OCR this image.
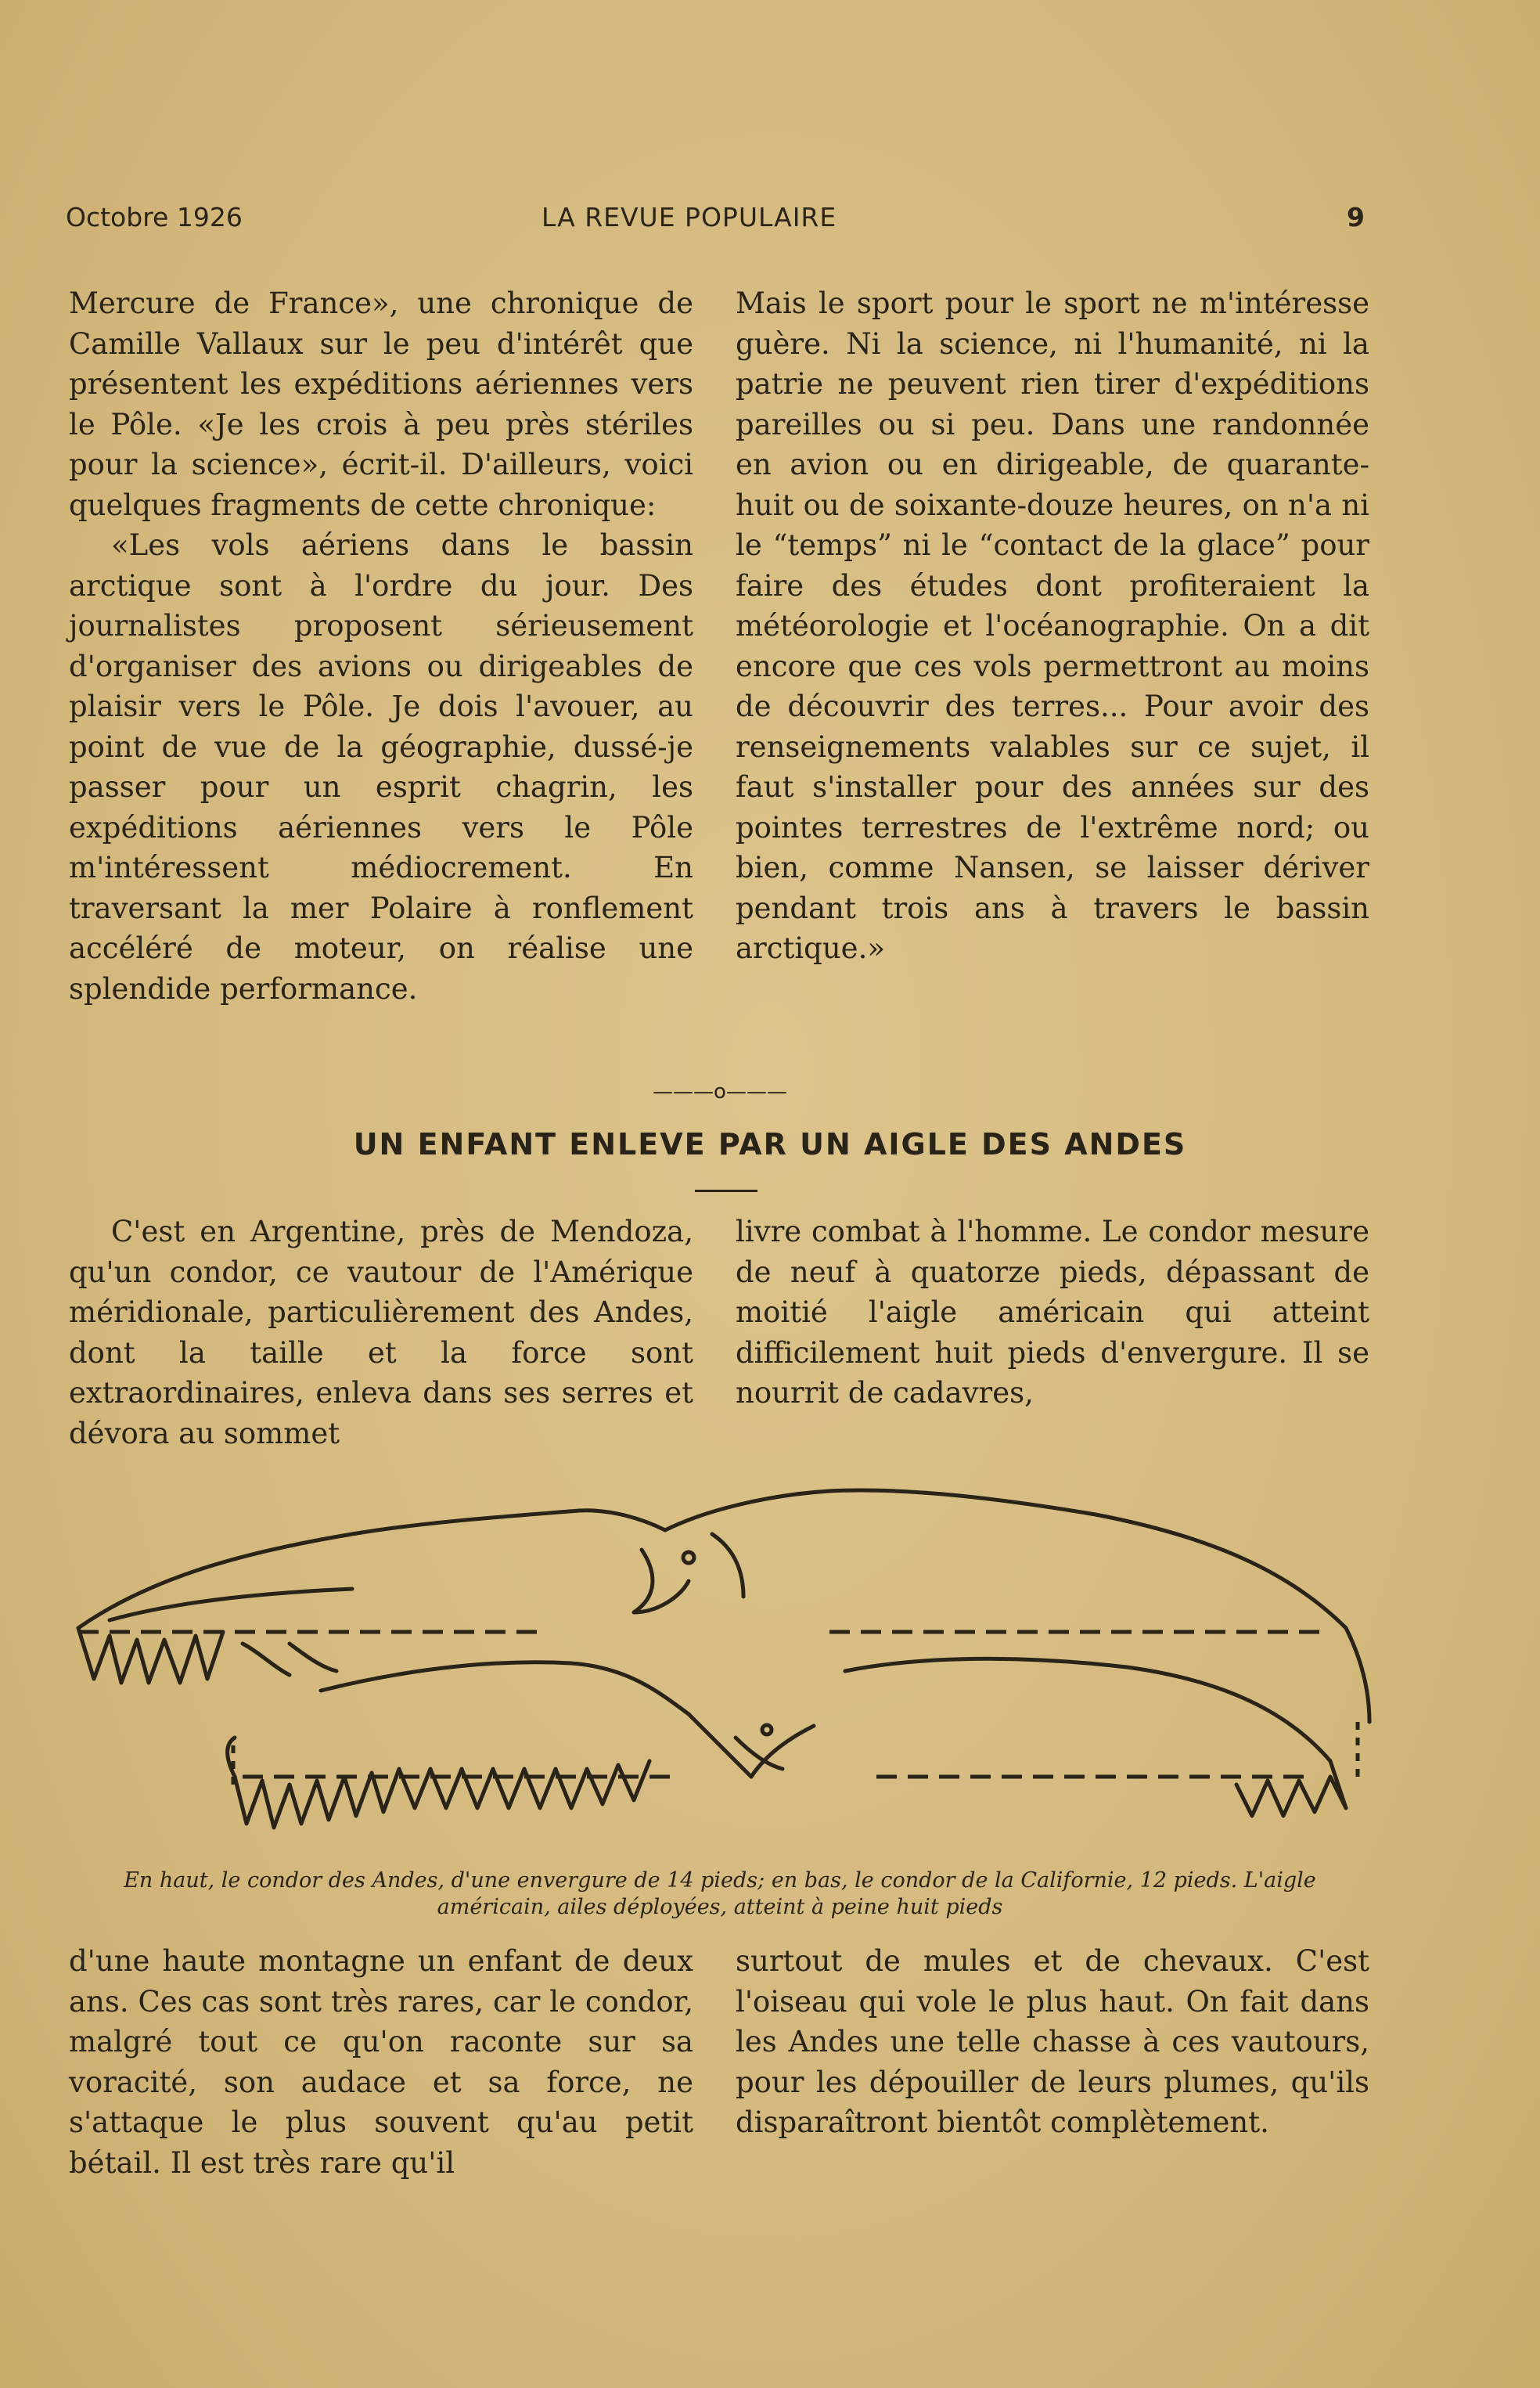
Octobre 1926	LA REVUE POPULAIRE	9

Mercure de France», une chronique de Camille Vallaux sur le peu d'intérêt que présentent les expéditions aériennes vers le Pôle. «Je les crois à peu près stériles pour la science», écrit-il. D'ailleurs, voici quelques fragments de cette chronique:

«Les vols aériens dans le bassin arctique sont à l'ordre du jour. Des journalistes proposent sérieusement d'organiser des avions ou dirigeables de plaisir vers le Pôle. Je dois l'avouer, au point de vue de la géographie, dussé-je passer pour un esprit chagrin, les expéditions aériennes vers le Pôle m'intéressent médiocrement. En traversant la mer Polaire à ronflement accéléré de moteur, on réalise une splendide performance.

Mais le sport pour le sport ne m'intéresse guère. Ni la science, ni l'humanité, ni la patrie ne peuvent rien tirer d'expéditions pareilles ou si peu. Dans une randonnée en avion ou en dirigeable, de quarante-huit ou de soixante-douze heures, on n'a ni le “temps” ni le “contact de la glace” pour faire des études dont profiteraient la météorologie et l'océanographie. On a dit encore que ces vols permettront au moins de découvrir des terres... Pour avoir des renseignements valables sur ce sujet, il faut s'installer pour des années sur des pointes terrestres de l'extrême nord; ou bien, comme Nansen, se laisser dériver pendant trois ans à travers le bassin arctique.»

———o———
UN ENFANT ENLEVE PAR UN AIGLE DES ANDES

C'est en Argentine, près de Mendoza, qu'un condor, ce vautour de l'Amérique méridionale, particulièrement des Andes, dont la taille et la force sont extraordinaires, enleva dans ses serres et dévora au sommet

livre combat à l'homme. Le condor mesure de neuf à quatorze pieds, dépassant de moitié l'aigle américain qui atteint difficilement huit pieds d'envergure. Il se nourrit de cadavres,

En haut, le condor des Andes, d'une envergure de 14 pieds; en bas, le condor de la Californie, 12 pieds. L'aigle américain, ailes déployées, atteint à peine huit pieds

d'une haute montagne un enfant de deux ans. Ces cas sont très rares, car le condor, malgré tout ce qu'on raconte sur sa voracité, son audace et sa force, ne s'attaque le plus souvent qu'au petit bétail. Il est très rare qu'il

surtout de mules et de chevaux. C'est l'oiseau qui vole le plus haut. On fait dans les Andes une telle chasse à ces vautours, pour les dépouiller de leurs plumes, qu'ils disparaîtront bientôt complètement.
